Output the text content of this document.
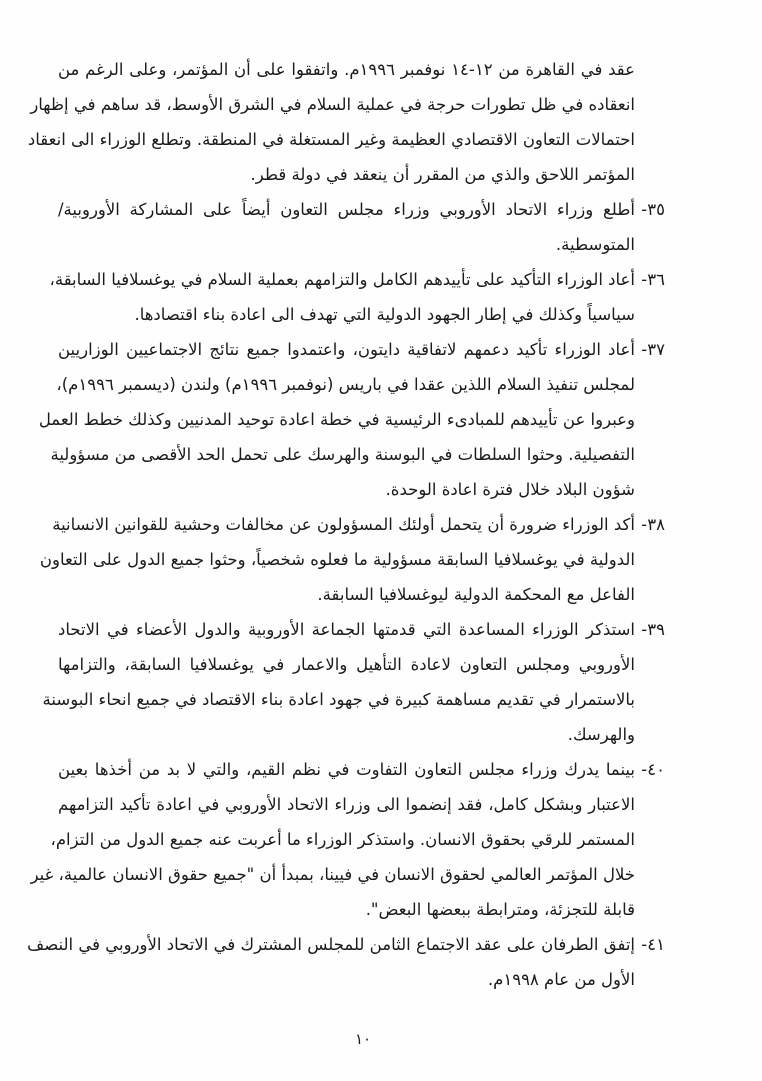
عقد في القاهرة من ١٢-١٤ نوفمبر ١٩٩٦م. واتفقوا على أن المؤتمر، وعلى الرغم من
انعقاده في ظل تطورات حرجة في عملية السلام في الشرق الأوسط، قد ساهم في إظهار
احتمالات التعاون الاقتصادي العظيمة وغير المستغلة في المنطقة. وتطلع الوزراء الى انعقاد
المؤتمر اللاحق والذي من المقرر أن ينعقد في دولة قطر.
٣٥-
أطلع وزراء الاتحاد الأوروبي وزراء مجلس التعاون أيضاً على المشاركة الأوروبية/
المتوسطية.
٣٦-
أعاد الوزراء التأكيد على تأييدهم الكامل والتزامهم بعملية السلام في يوغسلافيا السابقة،
سياسياً وكذلك في إطار الجهود الدولية التي تهدف الى اعادة بناء اقتصادها.
٣٧-
أعاد الوزراء تأكيد دعمهم لاتفاقية دايتون، واعتمدوا جميع نتائج الاجتماعيين الوزاريين
لمجلس تنفيذ السلام اللذين عقدا في باريس (نوفمبر ١٩٩٦م) ولندن (ديسمبر ١٩٩٦م)،
وعبروا عن تأييدهم للمبادىء الرئيسية في خطة اعادة توحيد المدنيين وكذلك خطط العمل
التفصيلية. وحثوا السلطات في البوسنة والهرسك على تحمل الحد الأقصى من مسؤولية
شؤون البلاد خلال فترة اعادة الوحدة.
٣٨-
أكد الوزراء ضرورة أن يتحمل أولئك المسؤولون عن مخالفات وحشية للقوانين الانسانية
الدولية في يوغسلافيا السابقة مسؤولية ما فعلوه شخصياً، وحثوا جميع الدول على التعاون
الفاعل مع المحكمة الدولية ليوغسلافيا السابقة.
٣٩-
استذكر الوزراء المساعدة التي قدمتها الجماعة الأوروبية والدول الأعضاء في الاتحاد
الأوروبي ومجلس التعاون لاعادة التأهيل والاعمار في يوغسلافيا السابقة، والتزامها
بالاستمرار في تقديم مساهمة كبيرة في جهود اعادة بناء الاقتصاد في جميع انحاء البوسنة
والهرسك.
٤٠-
بينما يدرك وزراء مجلس التعاون التفاوت في نظم القيم، والتي لا بد من أخذها بعين
الاعتبار وبشكل كامل، فقد إنضموا الى وزراء الاتحاد الأوروبي في اعادة تأكيد التزامهم
المستمر للرقي بحقوق الانسان. واستذكر الوزراء ما أعربت عنه جميع الدول من التزام،
خلال المؤتمر العالمي لحقوق الانسان في فيينا، بمبدأ أن "جميع حقوق الانسان عالمية، غير
قابلة للتجزئة، ومترابطة ببعضها البعض".
٤١-
إتفق الطرفان على عقد الاجتماع الثامن للمجلس المشترك في الاتحاد الأوروبي في النصف
الأول من عام ١٩٩٨م.
١٠
